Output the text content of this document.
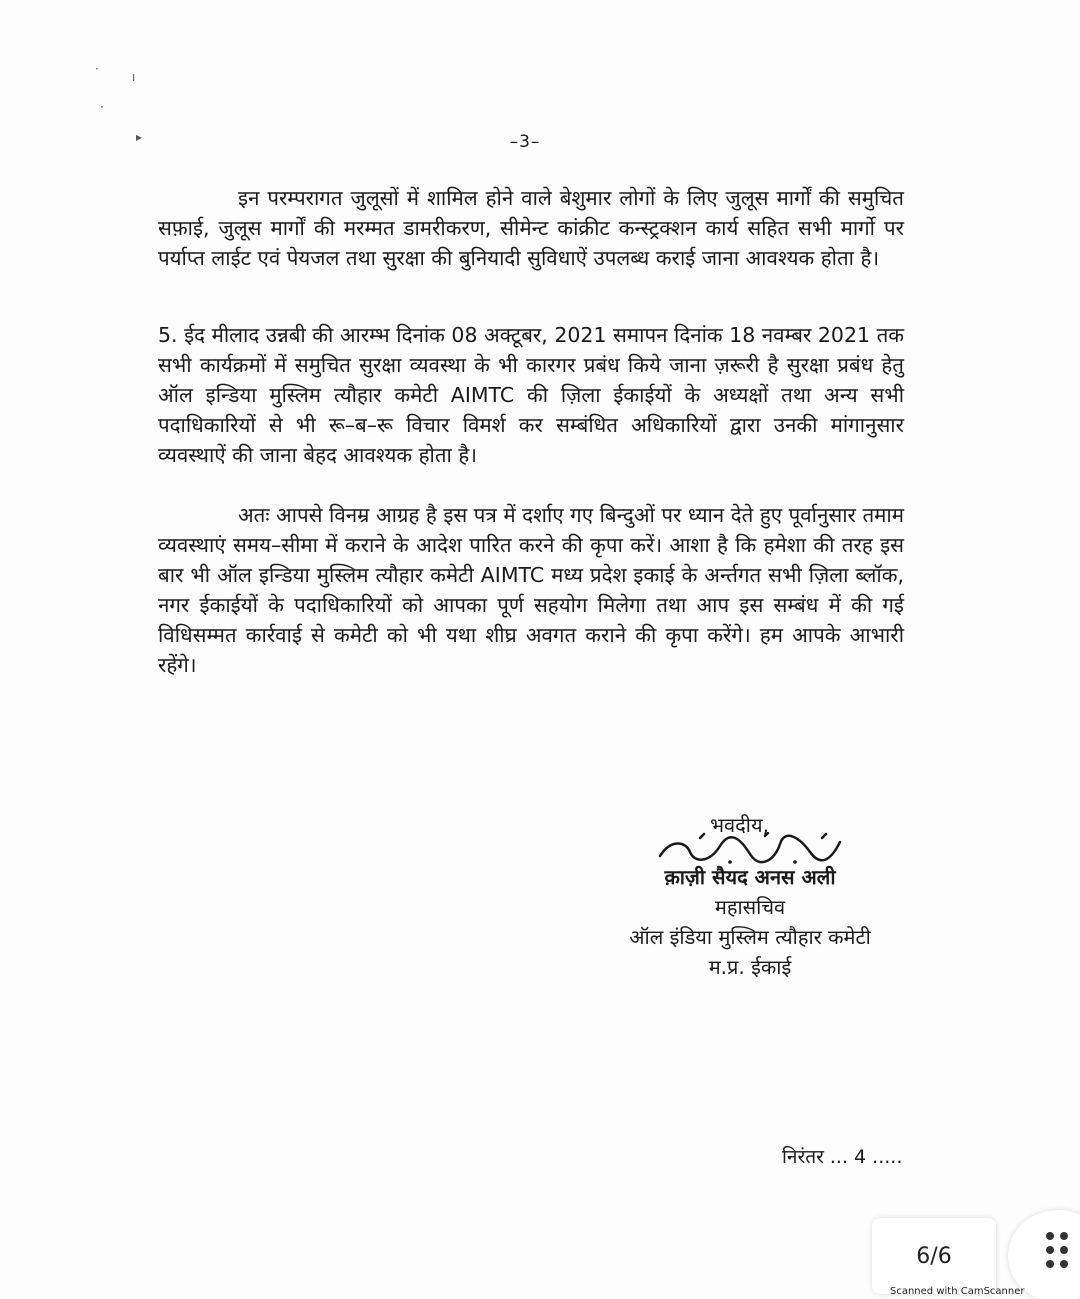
·
ı
·
▸	–3–

इन परम्परागत जुलूसों में शामिल होने वाले बेशुमार लोगों के लिए जुलूस मार्गों की समुचित सफ़ाई, जुलूस मार्गों की मरम्मत डामरीकरण, सीमेन्ट कांक्रीट कन्स्ट्रक्शन कार्य सहित सभी मार्गो पर पर्याप्त लाईट एवं पेयजल तथा सुरक्षा की बुनियादी सुविधाऐं उपलब्ध कराई जाना आवश्यक होता है।

5. ईद मीलाद उन्नबी की आरम्भ दिनांक 08 अक्टूबर, 2021 समापन दिनांक 18 नवम्बर 2021 तक सभी कार्यक्रमों में समुचित सुरक्षा व्यवस्था के भी कारगर प्रबंध किये जाना ज़रूरी है सुरक्षा प्रबंध हेतु ऑल इन्डिया मुस्लिम त्यौहार कमेटी AIMTC की ज़िला ईकाईयों के अध्यक्षों तथा अन्य सभी पदाधिकारियों से भी रू–ब–रू विचार विमर्श कर सम्बंधित अधिकारियों द्वारा उनकी मांगानुसार व्यवस्थाऐं की जाना बेहद आवश्यक होता है।

अतः आपसे विनम्र आग्रह है इस पत्र में दर्शाए गए बिन्दुओं पर ध्यान देते हुए पूर्वानुसार तमाम व्यवस्थाएं समय–सीमा में कराने के आदेश पारित करने की कृपा करें। आशा है कि हमेशा की तरह इस बार भी ऑल इन्डिया मुस्लिम त्यौहार कमेटी AIMTC मध्य प्रदेश इकाई के अर्न्तगत सभी ज़िला ब्लॉक, नगर ईकाईयों के पदाधिकारियों को आपका पूर्ण सहयोग मिलेगा तथा आप इस सम्बंध में की गई विधिसम्मत कार्रवाई से कमेटी को भी यथा शीघ्र अवगत कराने की कृपा करेंगे। हम आपके आभारी रहेंगे।

भवदीय,
क़ाज़ी सैयद अनस अली
महासचिव
ऑल इंडिया मुस्लिम त्यौहार कमेटी
म.प्र. ईकाई
निरंतर ... 4 .....
6/6
Scanned with CamScanner
